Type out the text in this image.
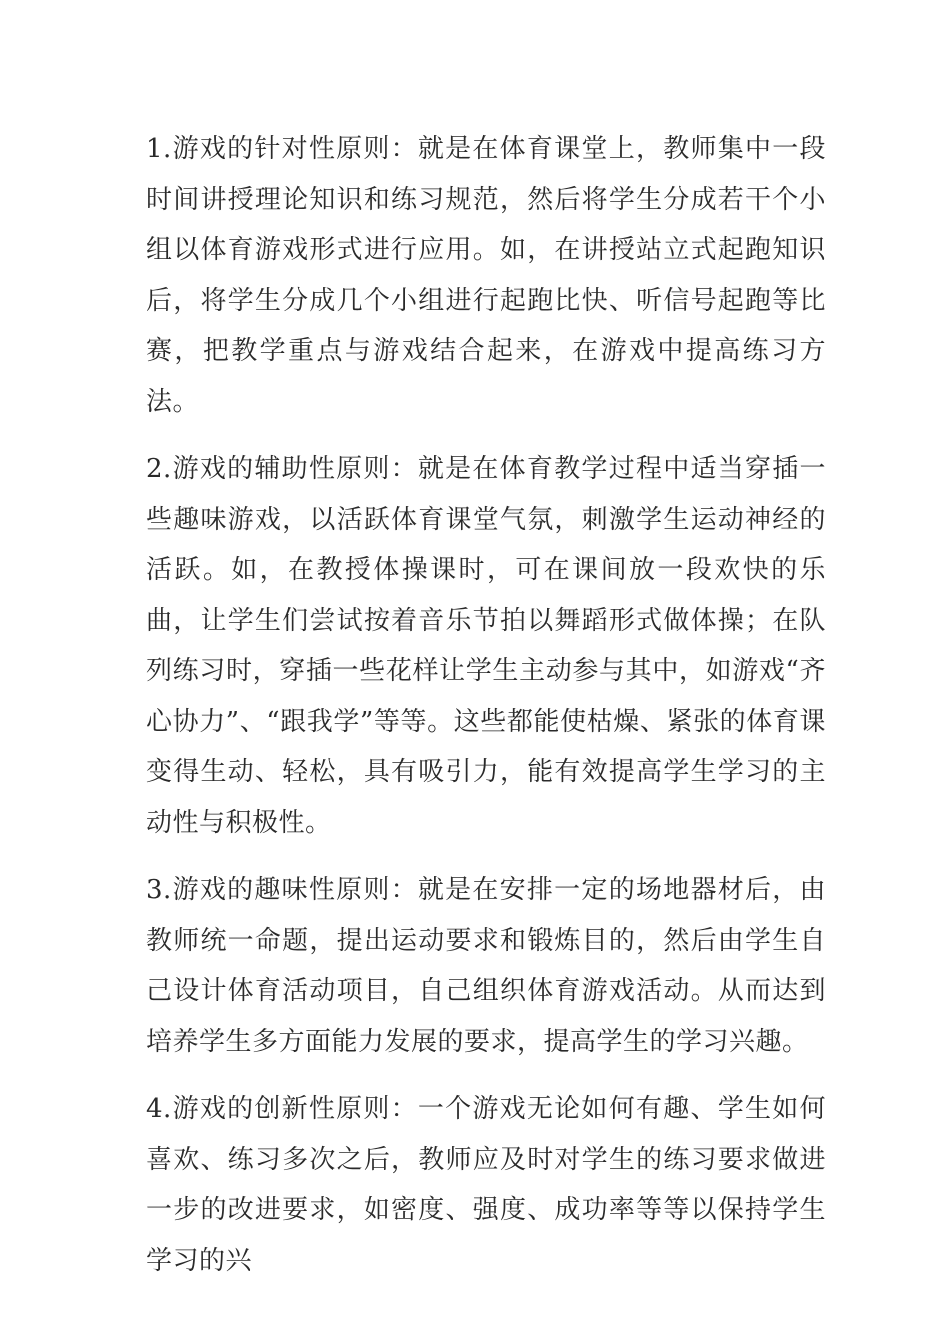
1.游戏的针对性原则：就是在体育课堂上，教师集中一段时间讲授理论知识和练习规范，然后将学生分成若干个小组以体育游戏形式进行应用。如，在讲授站立式起跑知识后，将学生分成几个小组进行起跑比快、听信号起跑等比赛，把教学重点与游戏结合起来，在游戏中提高练习方法。

2.游戏的辅助性原则：就是在体育教学过程中适当穿插一些趣味游戏，以活跃体育课堂气氛，刺激学生运动神经的活跃。如，在教授体操课时，可在课间放一段欢快的乐曲，让学生们尝试按着音乐节拍以舞蹈形式做体操；在队列练习时，穿插一些花样让学生主动参与其中，如游戏“齐心协力”、“跟我学”等等。这些都能使枯燥、紧张的体育课变得生动、轻松，具有吸引力，能有效提高学生学习的主动性与积极性。

3.游戏的趣味性原则：就是在安排一定的场地器材后，由教师统一命题，提出运动要求和锻炼目的，然后由学生自己设计体育活动项目，自己组织体育游戏活动。从而达到培养学生多方面能力发展的要求，提高学生的学习兴趣。

4.游戏的创新性原则：一个游戏无论如何有趣、学生如何喜欢、练习多次之后，教师应及时对学生的练习要求做进一步的改进要求，如密度、强度、成功率等等以保持学生学习的兴
